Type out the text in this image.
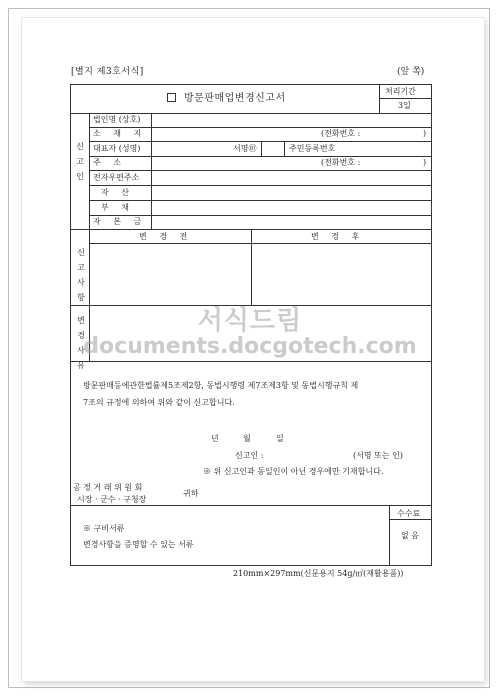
[별지 제3호서식]	(앞 쪽)
방문판매업변경신고서
처리기간
3일
신고인
법인명 (상호)
소 재 지	(전화번호 :	)
대표자 (성명)	서명㊞	주민등록번호
주 소	(전화번호 :	)
전자우편주소
자 산
부 채
자 본 금
신고사항
변 경 전	변 경 후
변경사유
방문판매등에관한법률제5조제2항, 동법시행령 제7조제3항 및 동법시행규칙 제
7조의 규정에 의하여 위와 같이 신고합니다.
년	월	일
신고인 :	(서명 또는 인)
※ 위 신고인과 동일인이 아닌 경우에만 기재합니다.
공 정 거 래 위 원 회
시장 · 군수 · 구청장
귀하
※ 구비서류
변경사항을 증명할 수 있는 서류
수수료
없 음
210mm×297mm(신문용지 54g/㎡(재활용품))
서식드림
documents.docgotech.com
